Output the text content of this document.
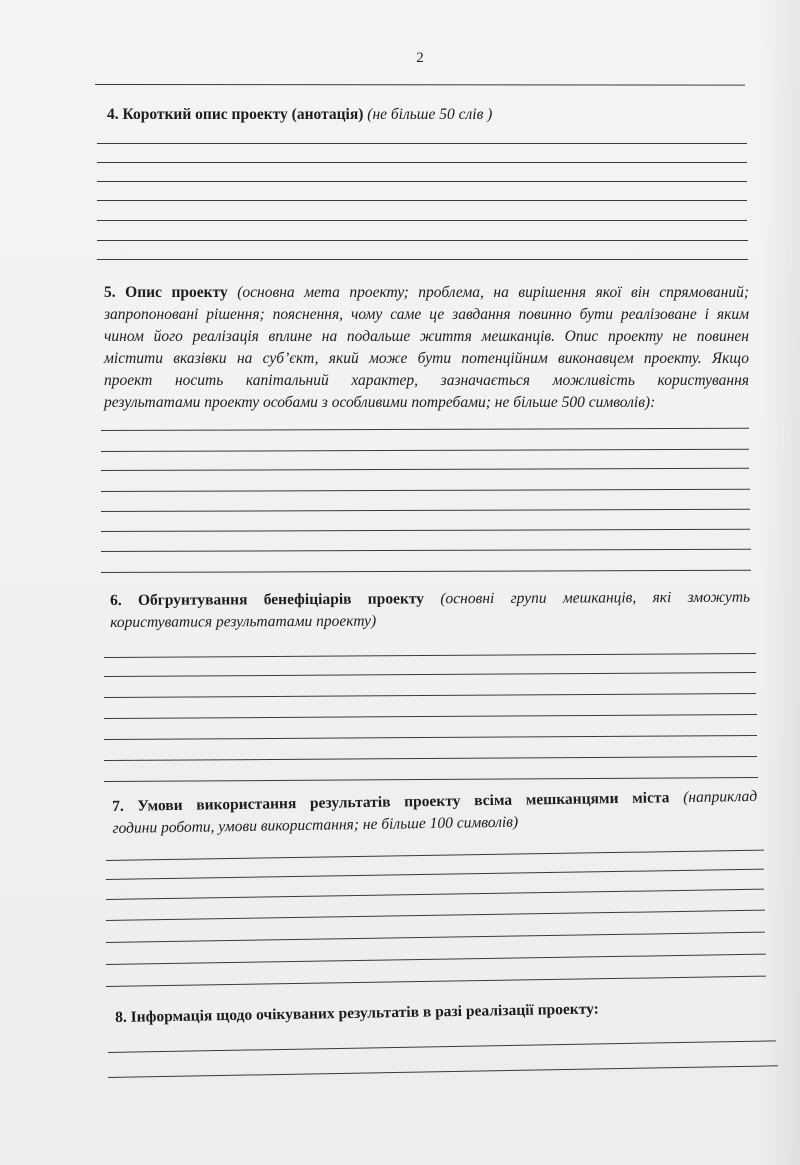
2
4. Короткий опис проекту (анотація) (не більше 50 слів )
5. Опис проекту (основна мета проекту; проблема, на вирішення якої він спрямований;
запропоновані рішення; пояснення, чому саме це завдання повинно бути реалізоване і яким
чином його реалізація вплине на подальше життя мешканців. Опис проекту не повинен
містити вказівки на суб’єкт, який може бути потенційним виконавцем проекту. Якщо
проект носить капітальний характер, зазначається можливість користування
результатами проекту особами з особливими потребами; не більше 500 символів):
6. Обгрунтування бенефіціарів проекту (основні групи мешканців, які зможуть
користуватися результатами проекту)
7. Умови використання результатів проекту всіма мешканцями міста (наприклад
години роботи, умови використання; не більше 100 символів)
8. Інформація щодо очікуваних результатів в разі реалізації проекту:
